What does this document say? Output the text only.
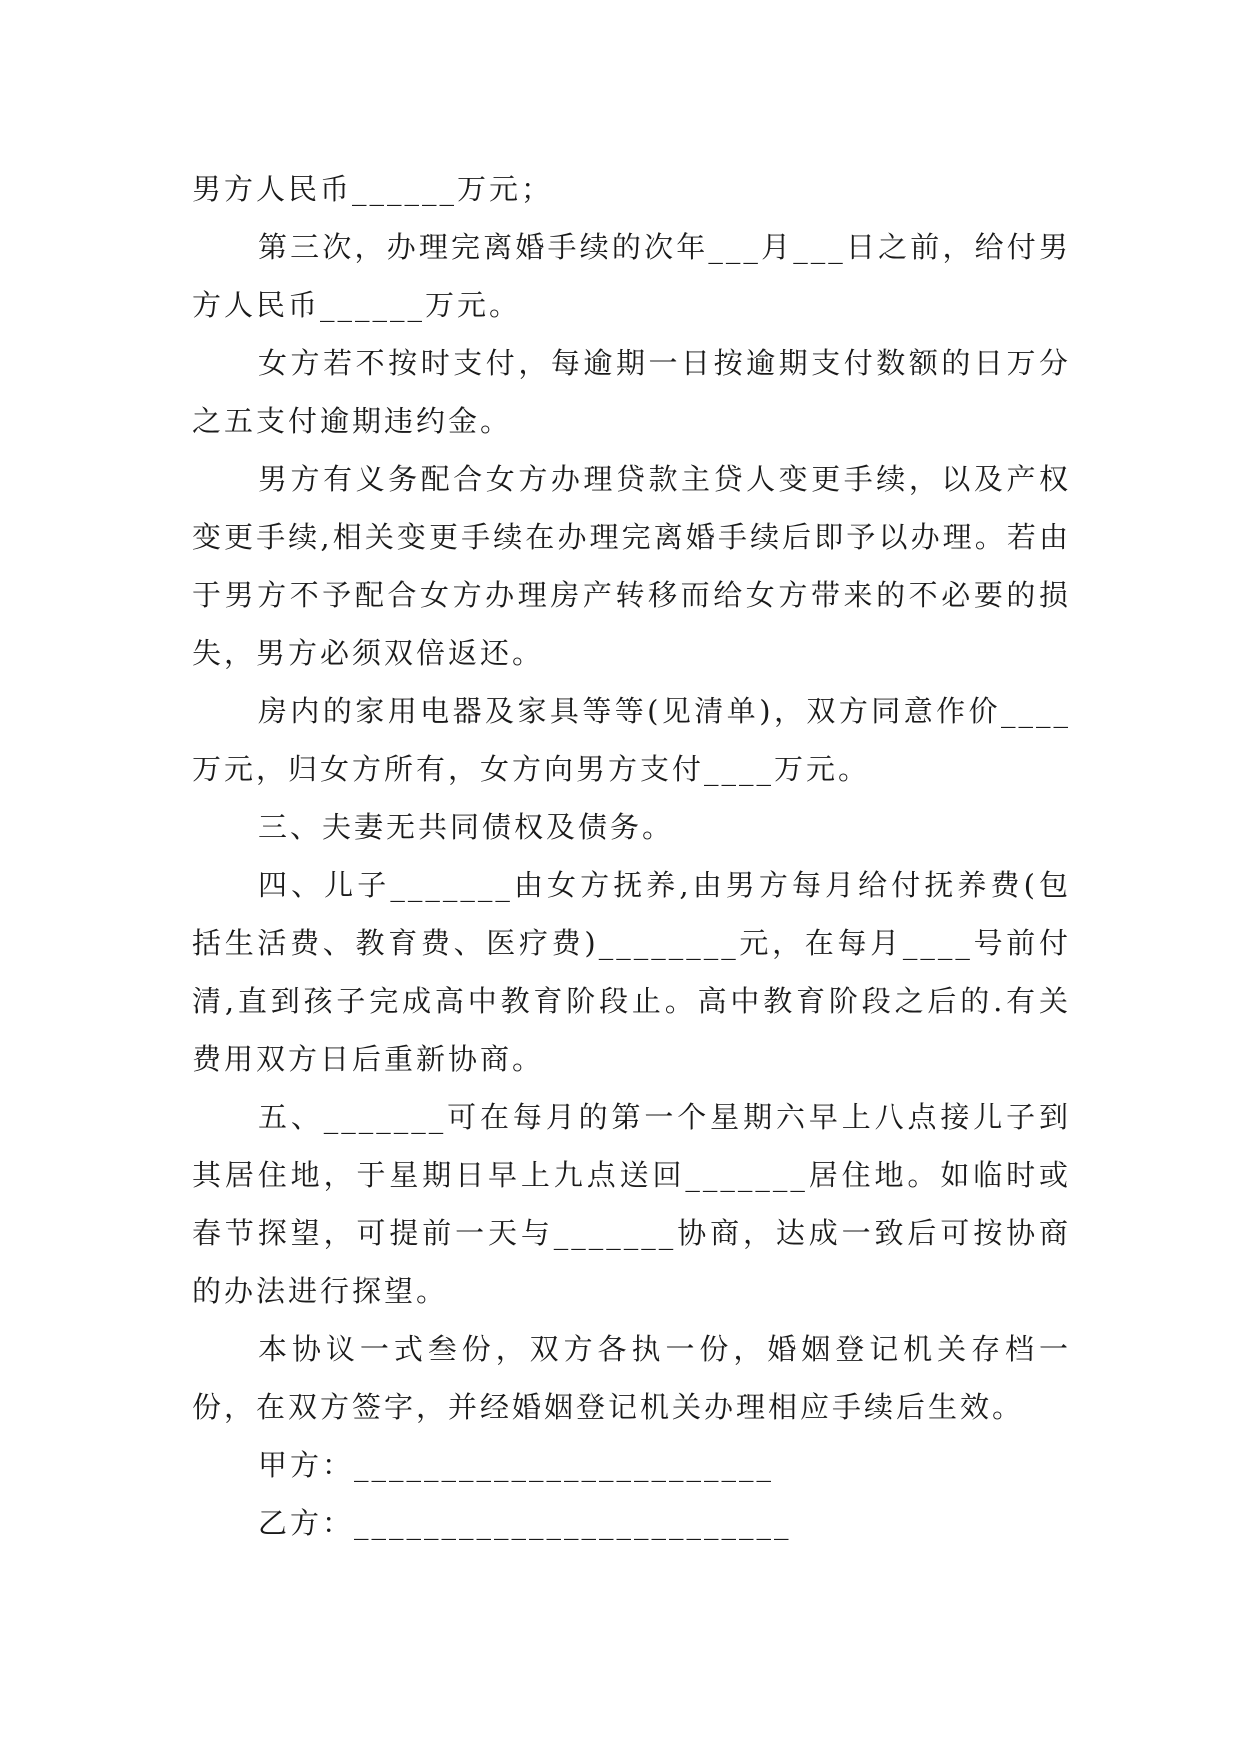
男方人民币______万元；

第三次，办理完离婚手续的次年___月___日之前，给付男方人民币______万元。

女方若不按时支付，每逾期一日按逾期支付数额的日万分之五支付逾期违约金。

男方有义务配合女方办理贷款主贷人变更手续，以及产权变更手续,相关变更手续在办理完离婚手续后即予以办理。若由于男方不予配合女方办理房产转移而给女方带来的不必要的损失，男方必须双倍返还。

房内的家用电器及家具等等(见清单)，双方同意作价____万元，归女方所有，女方向男方支付____万元。

三、夫妻无共同债权及债务。

四、儿子_______由女方抚养,由男方每月给付抚养费(包括生活费、教育费、医疗费)________元，在每月____号前付清,直到孩子完成高中教育阶段止。高中教育阶段之后的.有关费用双方日后重新协商。

五、_______可在每月的第一个星期六早上八点接儿子到其居住地，于星期日早上九点送回_______居住地。如临时或春节探望，可提前一天与_______协商，达成一致后可按协商的办法进行探望。

本协议一式叁份，双方各执一份，婚姻登记机关存档一份，在双方签字，并经婚姻登记机关办理相应手续后生效。

甲方：________________________

乙方：_________________________
